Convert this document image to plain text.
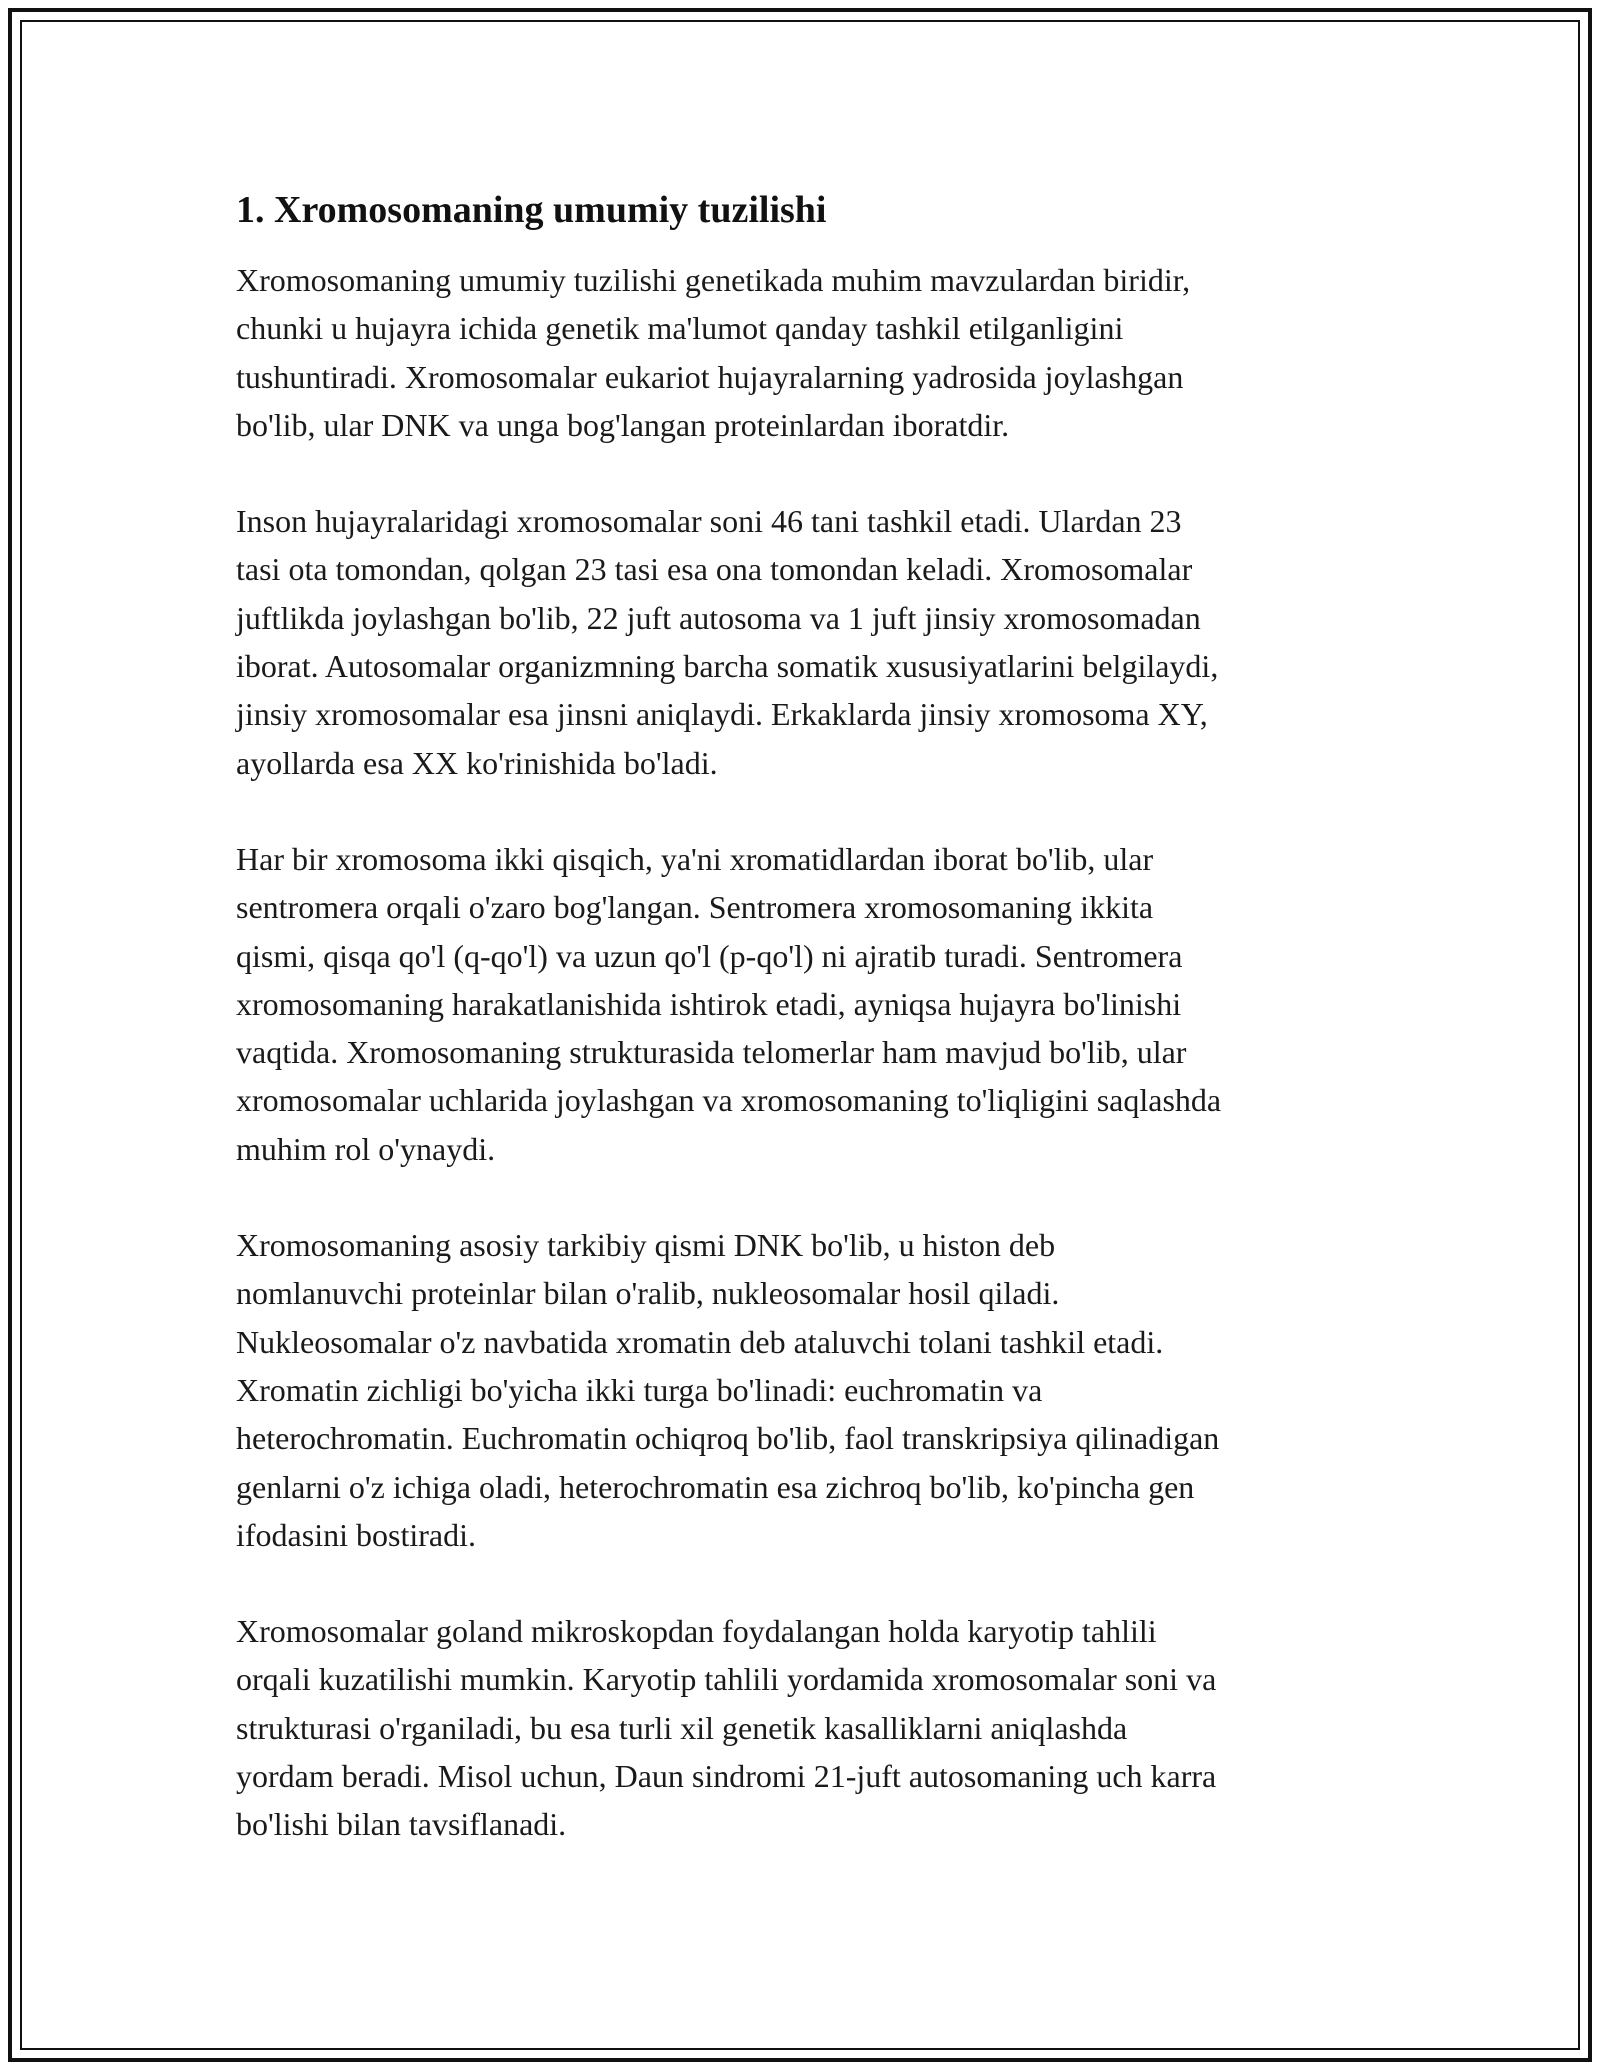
1. Xromosomaning umumiy tuzilishi

Xromosomaning umumiy tuzilishi genetikada muhim mavzulardan biridir,
chunki u hujayra ichida genetik ma'lumot qanday tashkil etilganligini
tushuntiradi. Xromosomalar eukariot hujayralarning yadrosida joylashgan
bo'lib, ular DNK va unga bog'langan proteinlardan iboratdir.

Inson hujayralaridagi xromosomalar soni 46 tani tashkil etadi. Ulardan 23
tasi ota tomondan, qolgan 23 tasi esa ona tomondan keladi. Xromosomalar
juftlikda joylashgan bo'lib, 22 juft autosoma va 1 juft jinsiy xromosomadan
iborat. Autosomalar organizmning barcha somatik xususiyatlarini belgilaydi,
jinsiy xromosomalar esa jinsni aniqlaydi. Erkaklarda jinsiy xromosoma XY,
ayollarda esa XX ko'rinishida bo'ladi.

Har bir xromosoma ikki qisqich, ya'ni xromatidlardan iborat bo'lib, ular
sentromera orqali o'zaro bog'langan. Sentromera xromosomaning ikkita
qismi, qisqa qo'l (q-qo'l) va uzun qo'l (p-qo'l) ni ajratib turadi. Sentromera
xromosomaning harakatlanishida ishtirok etadi, ayniqsa hujayra bo'linishi
vaqtida. Xromosomaning strukturasida telomerlar ham mavjud bo'lib, ular
xromosomalar uchlarida joylashgan va xromosomaning to'liqligini saqlashda
muhim rol o'ynaydi.

Xromosomaning asosiy tarkibiy qismi DNK bo'lib, u histon deb
nomlanuvchi proteinlar bilan o'ralib, nukleosomalar hosil qiladi.
Nukleosomalar o'z navbatida xromatin deb ataluvchi tolani tashkil etadi.
Xromatin zichligi bo'yicha ikki turga bo'linadi: euchromatin va
heterochromatin. Euchromatin ochiqroq bo'lib, faol transkripsiya qilinadigan
genlarni o'z ichiga oladi, heterochromatin esa zichroq bo'lib, ko'pincha gen
ifodasini bostiradi.

Xromosomalar goland mikroskopdan foydalangan holda karyotip tahlili
orqali kuzatilishi mumkin. Karyotip tahlili yordamida xromosomalar soni va
strukturasi o'rganiladi, bu esa turli xil genetik kasalliklarni aniqlashda
yordam beradi. Misol uchun, Daun sindromi 21-juft autosomaning uch karra
bo'lishi bilan tavsiflanadi.
